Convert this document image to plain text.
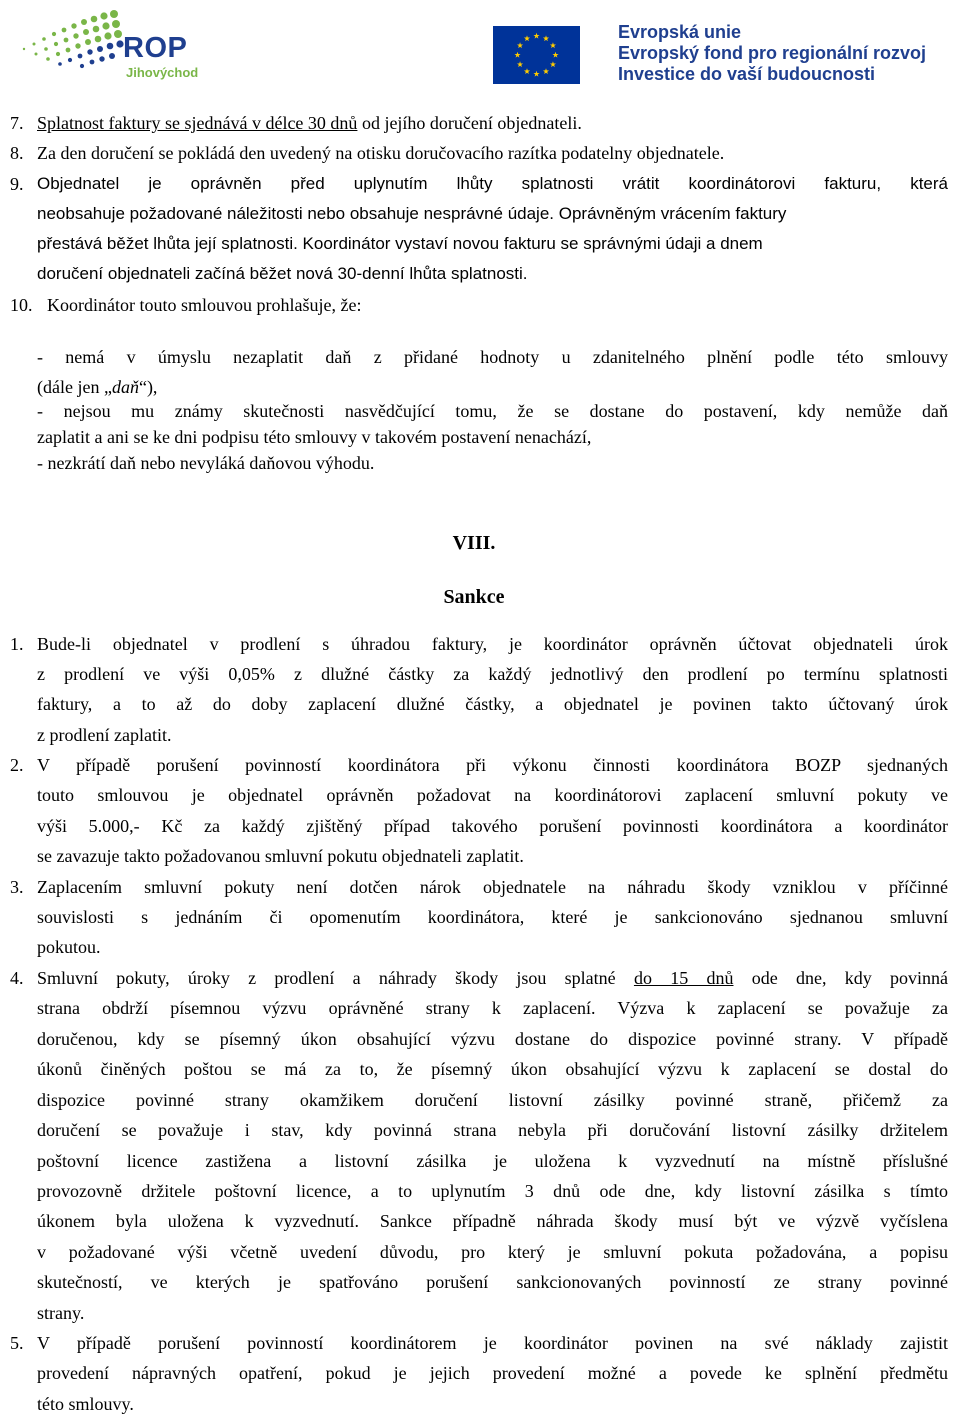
ROP
Jihovýchod
Evropská unie
Evropský fond pro regionální rozvoj
Investice do vaší budoucnosti
7. Splatnost faktury se sjednává v délce 30 dnů od jejího doručení objednateli.
8. Za den doručení se pokládá den uvedený na otisku doručovacího razítka podatelny objednatele.
9. Objednatel je oprávněn před uplynutím lhůty splatnosti vrátit koordinátorovi fakturu, která
neobsahuje požadované náležitosti nebo obsahuje nesprávné údaje. Oprávněným vrácením faktury
přestává běžet lhůta její splatnosti. Koordinátor vystaví novou fakturu se správnými údaji a dnem
doručení objednateli začíná běžet nová 30-denní lhůta splatnosti.
10. Koordinátor touto smlouvou prohlašuje, že:
- nemá v úmyslu nezaplatit daň z přidané hodnoty u zdanitelného plnění podle této smlouvy
(dále jen „daň“),
- nejsou mu známy skutečnosti nasvědčující tomu, že se dostane do postavení, kdy nemůže daň
zaplatit a ani se ke dni podpisu této smlouvy v takovém postavení nenachází,
- nezkrátí daň nebo nevyláká daňovou výhodu.
VIII.
Sankce
1. Bude-li objednatel v prodlení s úhradou faktury, je koordinátor oprávněn účtovat objednateli úrok
z prodlení ve výši 0,05% z dlužné částky za každý jednotlivý den prodlení po termínu splatnosti
faktury, a to až do doby zaplacení dlužné částky, a objednatel je povinen takto účtovaný úrok
z prodlení zaplatit.
2. V případě porušení povinností koordinátora při výkonu činnosti koordinátora BOZP sjednaných
touto smlouvou je objednatel oprávněn požadovat na koordinátorovi zaplacení smluvní pokuty ve
výši 5.000,- Kč za každý zjištěný případ takového porušení povinnosti koordinátora a koordinátor
se zavazuje takto požadovanou smluvní pokutu objednateli zaplatit.
3. Zaplacením smluvní pokuty není dotčen nárok objednatele na náhradu škody vzniklou v příčinné
souvislosti s jednáním či opomenutím koordinátora, které je sankcionováno sjednanou smluvní
pokutou.
4. Smluvní pokuty, úroky z prodlení a náhrady škody jsou splatné do 15 dnů ode dne, kdy povinná
strana obdrží písemnou výzvu oprávněné strany k zaplacení. Výzva k zaplacení se považuje za
doručenou, kdy se písemný úkon obsahující výzvu dostane do dispozice povinné strany. V případě
úkonů činěných poštou se má za to, že písemný úkon obsahující výzvu k zaplacení se dostal do
dispozice povinné strany okamžikem doručení listovní zásilky povinné straně, přičemž za
doručení se považuje i stav, kdy povinná strana nebyla při doručování listovní zásilky držitelem
poštovní licence zastižena a listovní zásilka je uložena k vyzvednutí na místně příslušné
provozovně držitele poštovní licence, a to uplynutím 3 dnů ode dne, kdy listovní zásilka s tímto
úkonem byla uložena k vyzvednutí. Sankce případně náhrada škody musí být ve výzvě vyčíslena
v požadované výši včetně uvedení důvodu, pro který je smluvní pokuta požadována, a popisu
skutečností, ve kterých je spatřováno porušení sankcionovaných povinností ze strany povinné
strany.
5. V případě porušení povinností koordinátorem je koordinátor povinen na své náklady zajistit
provedení nápravných opatření, pokud je jejich provedení možné a povede ke splnění předmětu
této smlouvy.
